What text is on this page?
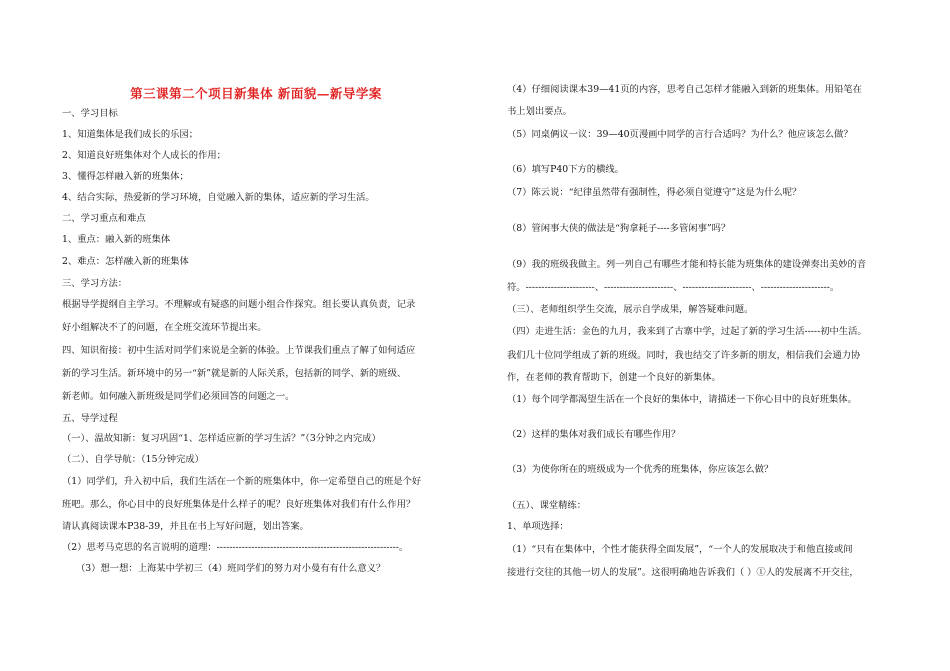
第三课第二个项目新集体 新面貌—新导学案
一、学习目标
1、知道集体是我们成长的乐园；
2、知道良好班集体对个人成长的作用；
3、懂得怎样融入新的班集体；
4、结合实际，热爱新的学习环境，自觉融入新的集体，适应新的学习生活。
二、学习重点和难点
1、重点：融入新的班集体
2、难点：怎样融入新的班集体
三、学习方法：
根据导学提纲自主学习。不理解或有疑惑的问题小组合作探究。组长要认真负责，记录
好小组解决不了的问题，在全班交流环节提出来。
四、知识衔接：初中生活对同学们来说是全新的体验。上节课我们重点了解了如何适应
新的学习生活。新环境中的另一“新”就是新的人际关系，包括新的同学、新的班级、
新老师。如何融入新班级是同学们必须回答的问题之一。
五、导学过程
（一）、温故知新：复习巩固“1、怎样适应新的学习生活？”（3分钟之内完成）
（二）、自学导航：（15分钟完成）
（1）同学们，升入初中后，我们生活在一个新的班集体中，你一定希望自己的班是个好
班吧。那么，你心目中的良好班集体是什么样子的呢？良好班集体对我们有什么作用？
请认真阅读课本P38-39，并且在书上写好问题，划出答案。
（2）思考马克思的名言说明的道理：----------------------------------------------------------。
（3）想一想：上海某中学初三（4）班同学们的努力对小曼有有什么意义？
（4）仔细阅读课本39—41页的内容，思考自己怎样才能融入到新的班集体。用铅笔在
书上划出要点。
（5）同桌俩议一议：39—40页漫画中同学的言行合适吗？为什么？他应该怎么做？
（6）填写P40下方的横线。
（7）陈云说：“纪律虽然带有强制性，得必须自觉遵守”这是为什么呢？
（8）管闲事大侠的做法是“狗拿耗子----多管闲事”吗？
（9）我的班级我做主。列一列自己有哪些才能和特长能为班集体的建设弹奏出美妙的音
符。----------------------、----------------------、----------------------、----------------------。
（三）、老师组织学生交流，展示自学成果，解答疑难问题。
（四）走进生活：金色的九月，我来到了古寨中学，过起了新的学习生活-----初中生活。
我们几十位同学组成了新的班级。同时，我也结交了许多新的朋友，相信我们会通力协
作，在老师的教育帮助下，创建一个良好的新集体。
（1）每个同学都渴望生活在一个良好的集体中，请描述一下你心目中的良好班集体。
（2）这样的集体对我们成长有哪些作用？
（3）为使你所在的班级成为一个优秀的班集体，你应该怎么做？
（五）、课堂精练：
1、单项选择：
（1）“只有在集体中，个性才能获得全面发展”，“一个人的发展取决于和他直接或间
接进行交往的其他一切人的发展”。这很明确地告诉我们（ ）①人的发展离不开交往，
